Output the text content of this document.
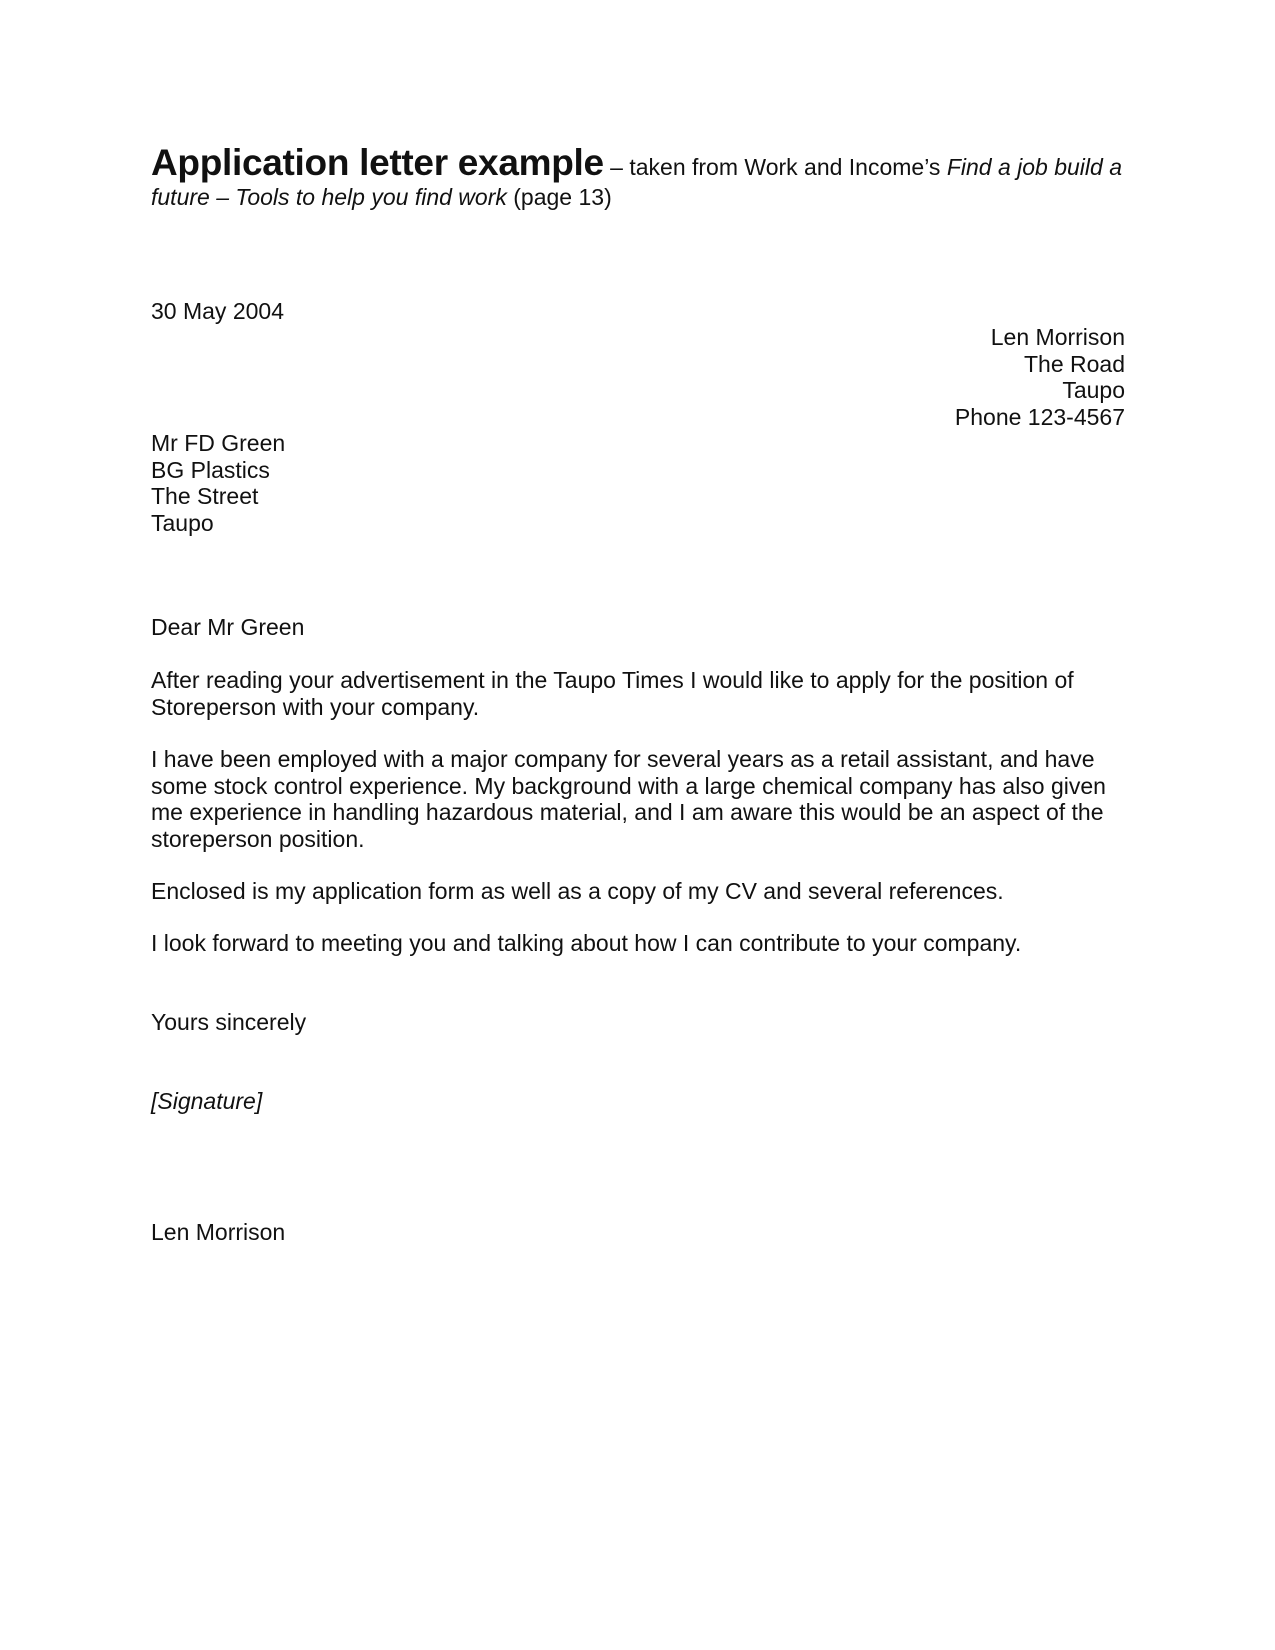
Application letter example – taken from Work and Income’s Find a job build a future – Tools to help you find work (page 13)
30 May 2004
Len Morrison
The Road
Taupo
Phone 123-4567
Mr FD Green
BG Plastics
The Street
Taupo

Dear Mr Green

After reading your advertisement in the Taupo Times I would like to apply for the position of Storeperson with your company.

I have been employed with a major company for several years as a retail assistant, and have some stock control experience. My background with a large chemical company has also given me experience in handling hazardous material, and I am aware this would be an aspect of the storeperson position.

Enclosed is my application form as well as a copy of my CV and several references.

I look forward to meeting you and talking about how I can contribute to your company.

Yours sincerely

[Signature]

Len Morrison
